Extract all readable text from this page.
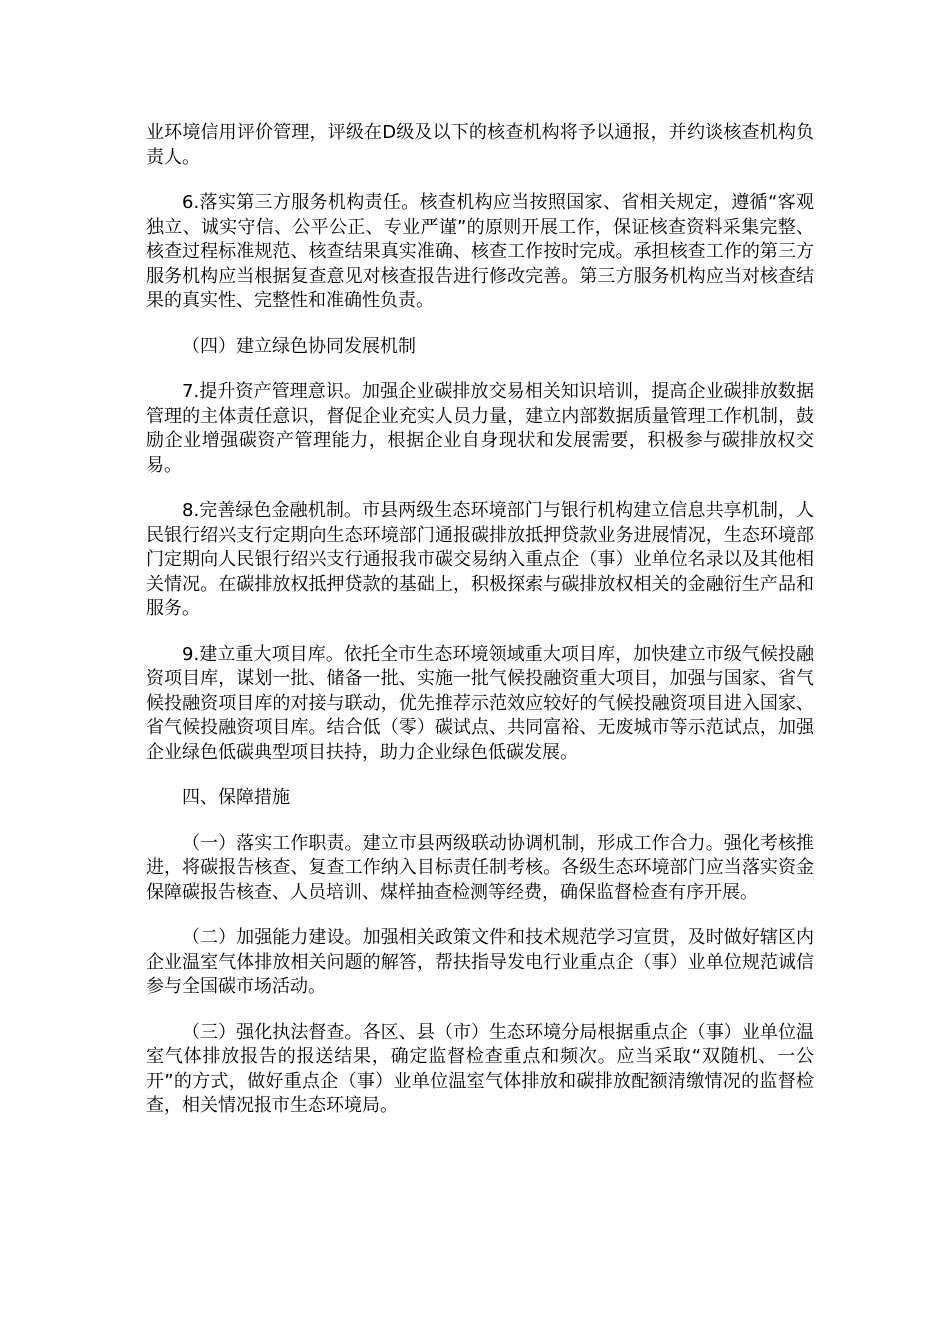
业环境信用评价管理，评级在D级及以下的核查机构将予以通报，并约谈核查机构负责人。

6.落实第三方服务机构责任。核查机构应当按照国家、省相关规定，遵循“客观独立、诚实守信、公平公正、专业严谨”的原则开展工作，保证核查资料采集完整、核查过程标准规范、核查结果真实准确、核查工作按时完成。承担核查工作的第三方服务机构应当根据复查意见对核查报告进行修改完善。第三方服务机构应当对核查结果的真实性、完整性和准确性负责。

（四）建立绿色协同发展机制

7.提升资产管理意识。加强企业碳排放交易相关知识培训，提高企业碳排放数据管理的主体责任意识，督促企业充实人员力量，建立内部数据质量管理工作机制，鼓励企业增强碳资产管理能力，根据企业自身现状和发展需要，积极参与碳排放权交易。

8.完善绿色金融机制。市县两级生态环境部门与银行机构建立信息共享机制，人民银行绍兴支行定期向生态环境部门通报碳排放抵押贷款业务进展情况，生态环境部门定期向人民银行绍兴支行通报我市碳交易纳入重点企（事）业单位名录以及其他相关情况。在碳排放权抵押贷款的基础上，积极探索与碳排放权相关的金融衍生产品和服务。

9.建立重大项目库。依托全市生态环境领域重大项目库，加快建立市级气候投融资项目库，谋划一批、储备一批、实施一批气候投融资重大项目，加强与国家、省气候投融资项目库的对接与联动，优先推荐示范效应较好的气候投融资项目进入国家、省气候投融资项目库。结合低（零）碳试点、共同富裕、无废城市等示范试点，加强企业绿色低碳典型项目扶持，助力企业绿色低碳发展。

四、保障措施

（一）落实工作职责。建立市县两级联动协调机制，形成工作合力。强化考核推进，将碳报告核查、复查工作纳入目标责任制考核。各级生态环境部门应当落实资金保障碳报告核查、人员培训、煤样抽查检测等经费，确保监督检查有序开展。

（二）加强能力建设。加强相关政策文件和技术规范学习宣贯，及时做好辖区内企业温室气体排放相关问题的解答，帮扶指导发电行业重点企（事）业单位规范诚信参与全国碳市场活动。

（三）强化执法督查。各区、县（市）生态环境分局根据重点企（事）业单位温室气体排放报告的报送结果，确定监督检查重点和频次。应当采取“双随机、一公开”的方式，做好重点企（事）业单位温室气体排放和碳排放配额清缴情况的监督检查，相关情况报市生态环境局。
